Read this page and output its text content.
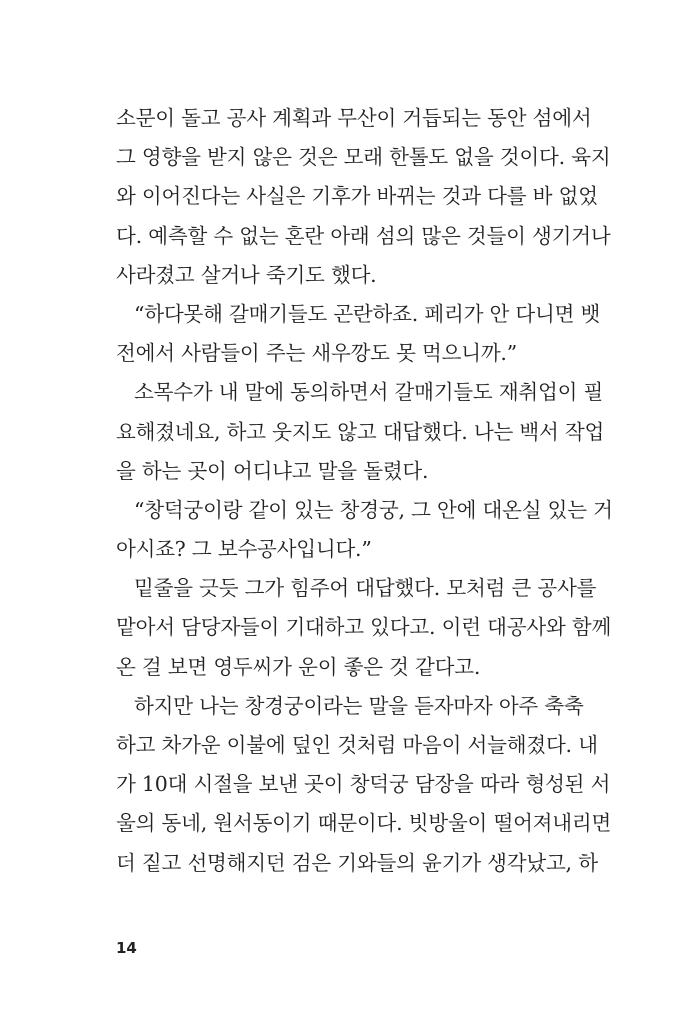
소문이 돌고 공사 계획과 무산이 거듭되는 동안 섬에서
그 영향을 받지 않은 것은 모래 한톨도 없을 것이다. 육지
와 이어진다는 사실은 기후가 바뀌는 것과 다를 바 없었
다. 예측할 수 없는 혼란 아래 섬의 많은 것들이 생기거나
사라졌고 살거나 죽기도 했다.
“하다못해 갈매기들도 곤란하죠. 페리가 안 다니면 뱃
전에서 사람들이 주는 새우깡도 못 먹으니까.”
소목수가 내 말에 동의하면서 갈매기들도 재취업이 필
요해졌네요, 하고 웃지도 않고 대답했다. 나는 백서 작업
을 하는 곳이 어디냐고 말을 돌렸다.
“창덕궁이랑 같이 있는 창경궁, 그 안에 대온실 있는 거
아시죠? 그 보수공사입니다.”
밑줄을 긋듯 그가 힘주어 대답했다. 모처럼 큰 공사를
맡아서 담당자들이 기대하고 있다고. 이런 대공사와 함께
온 걸 보면 영두씨가 운이 좋은 것 같다고.
하지만 나는 창경궁이라는 말을 듣자마자 아주 축축
하고 차가운 이불에 덮인 것처럼 마음이 서늘해졌다. 내
가 10대 시절을 보낸 곳이 창덕궁 담장을 따라 형성된 서
울의 동네, 원서동이기 때문이다. 빗방울이 떨어져내리면
더 짙고 선명해지던 검은 기와들의 윤기가 생각났고, 하
14
